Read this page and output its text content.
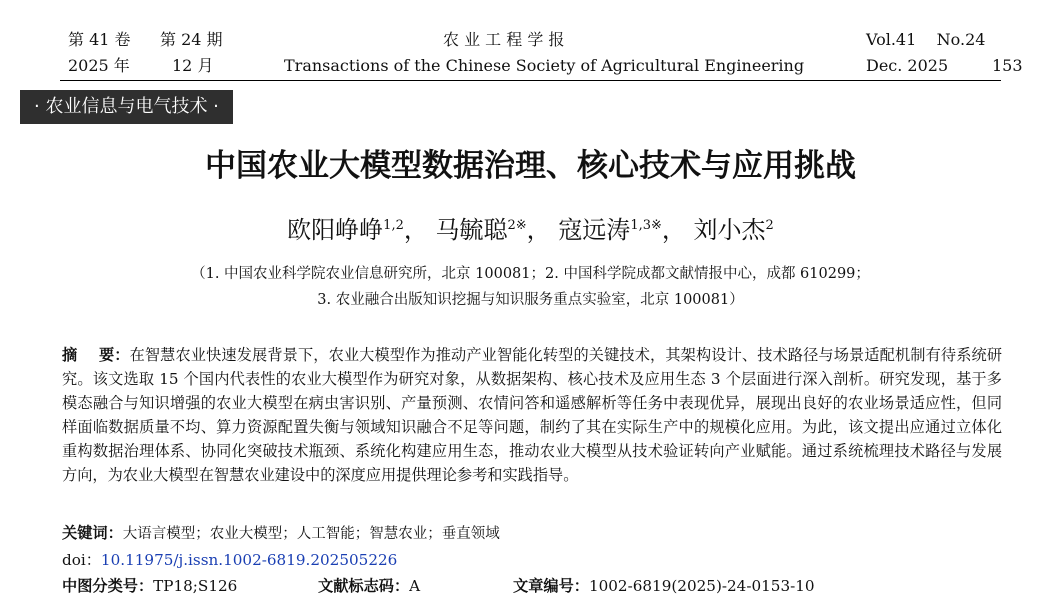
第 41 卷 第 24 期	农 业 工 程 学 报	Vol.41    No.24
2025 年	12 月	Transactions of the Chinese Society of Agricultural Engineering	Dec. 2025	153
· 农业信息与电气技术 ·
中国农业大模型数据治理、核心技术与应用挑战
欧阳峥峥$^{1,2}$， 马毓聪$^{2※}$， 寇远涛$^{1,3※}$， 刘小杰$^2$
（1. 中国农业科学院农业信息研究所，北京 100081；2. 中国科学院成都文献情报中心，成都 610299；
3. 农业融合出版知识挖掘与知识服务重点实验室，北京 100081）
摘    要：在智慧农业快速发展背景下，农业大模型作为推动产业智能化转型的关键技术，其架构设计、技术路径与场景适配机制有待系统研究。该文选取 15 个国内代表性的农业大模型作为研究对象，从数据架构、核心技术及应用生态 3 个层面进行深入剖析。研究发现，基于多模态融合与知识增强的农业大模型在病虫害识别、产量预测、农情问答和遥感解析等任务中表现优异，展现出良好的农业场景适应性，但同样面临数据质量不均、算力资源配置失衡与领域知识融合不足等问题，制约了其在实际生产中的规模化应用。为此，该文提出应通过立体化重构数据治理体系、协同化突破技术瓶颈、系统化构建应用生态，推动农业大模型从技术验证转向产业赋能。通过系统梳理技术路径与发展方向，为农业大模型在智慧农业建设中的深度应用提供理论参考和实践指导。
关键词：大语言模型；农业大模型；人工智能；智慧农业；垂直领域
doi：10.11975/j.issn.1002-6819.202505226
中图分类号：TP18;S126	文献标志码：A	文章编号：1002-6819(2025)-24-0153-10
